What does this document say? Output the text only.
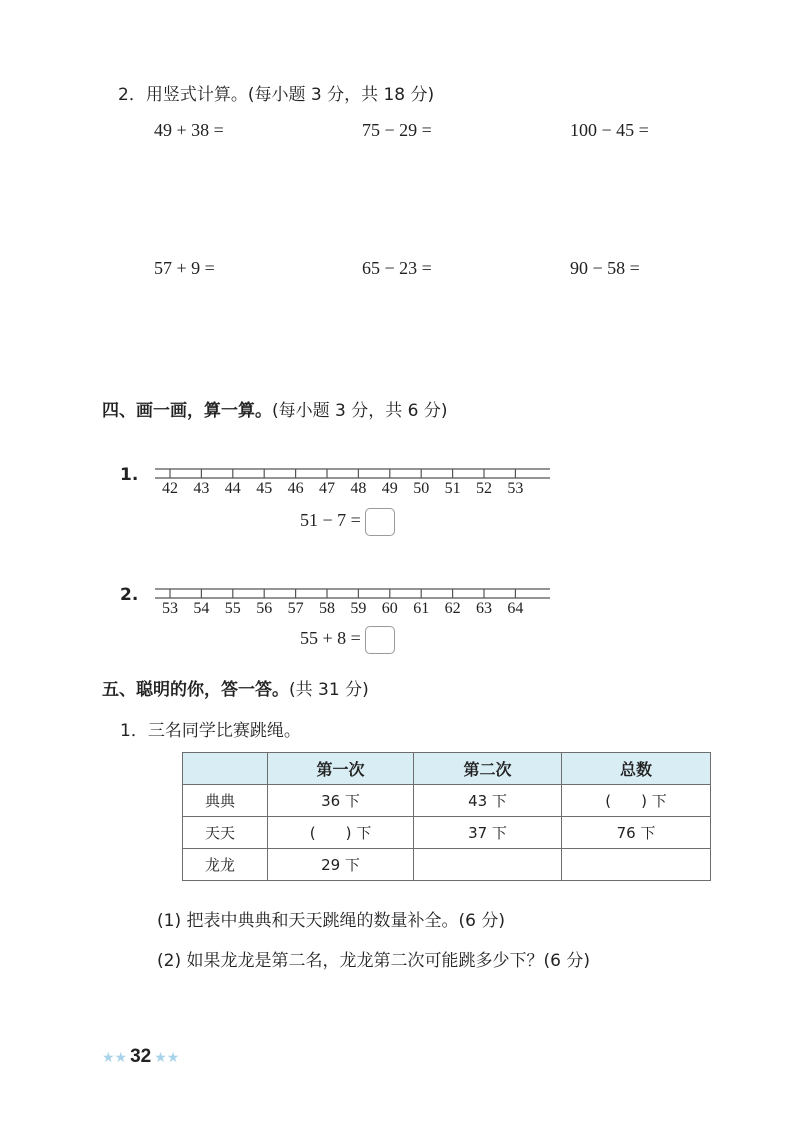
2．用竖式计算。(每小题 3 分，共 18 分)
49 + 38 =	75 − 29 =	100 − 45 =
57 + 9 =	65 − 23 =	90 − 58 =
四、画一画，算一算。(每小题 3 分，共 6 分)
1.
42 43 44 45 46 47 48 49 50 51 52 53
51 − 7 =
2.
53 54 55 56 57 58 59 60 61 62 63 64
55 + 8 =
五、聪明的你，答一答。(共 31 分)
1．三名同学比赛跳绳。
	第一次	第二次	总数
典典	36 下	43 下	(　　) 下
天天	(　　) 下	37 下	76 下
龙龙	29 下		
(1) 把表中典典和天天跳绳的数量补全。(6 分)
(2) 如果龙龙是第二名，龙龙第二次可能跳多少下？(6 分)
★★ 32 ★★
